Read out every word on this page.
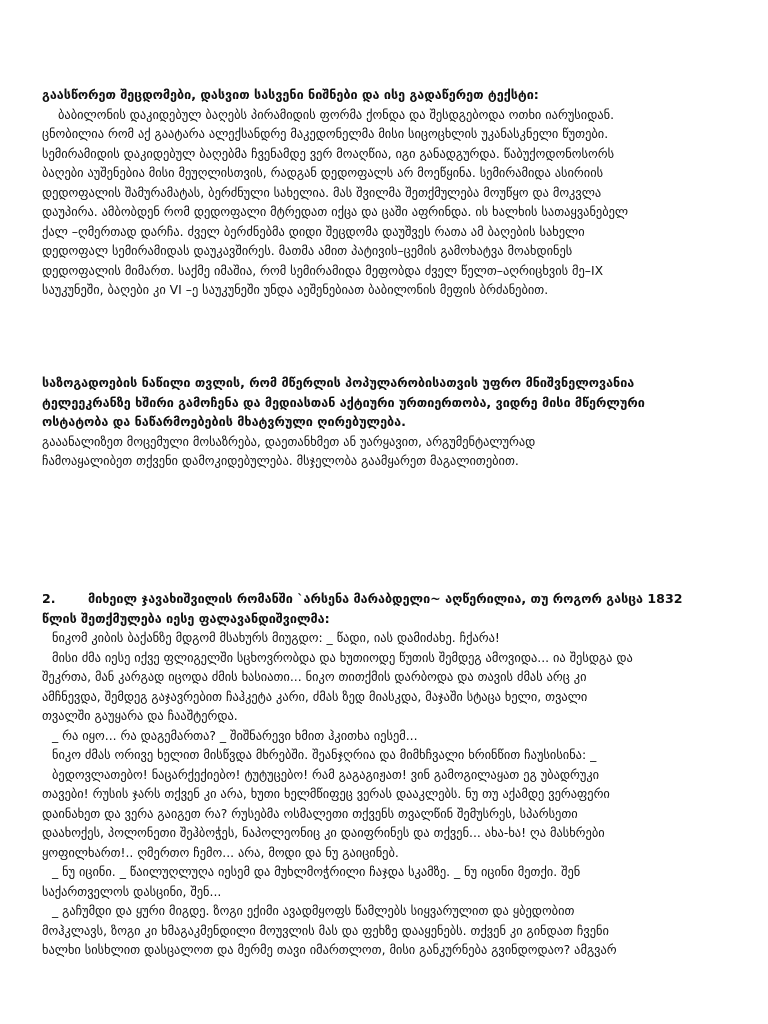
გაასწორეთ შეცდომები, დასვით სასვენი ნიშნები და ისე გადაწერეთ ტექსტი:
ბაბილონის დაკიდებულ ბაღებს პირამიდის ფორმა ქონდა და შესდგებოდა ოთხი იარუსიდან.
ცნობილია რომ აქ გაატარა ალექსანდრე მაკედონელმა მისი სიცოცხლის უკანასკნელი წუთები.
სემირამიდის დაკიდებულ ბაღებმა ჩვენამდე ვერ მოაღწია, იგი განადგურდა. წაბუქოდონოსორს
ბაღები აუშენებია მისი მეუღლისთვის, რადგან დედოფალს არ მოეწყინა. სემირამიდა ასირიის
დედოფალის შამურამატას, ბერძნული სახელია. მას შვილმა შეთქმულება მოუწყო და მოკვლა
დაუპირა. ამბობდენ რომ დედოფალი მტრედათ იქცა და ცაში აფრინდა. ის ხალხის სათაყვანებელ
ქალ –ღმერთად დარჩა. ძველ ბერძნებმა დიდი შეცდომა დაუშვეს რათა ამ ბაღების სახელი
დედოფალ სემირამიდას დაუკავშირეს. მათმა ამით პატივის–ცემის გამოხატვა მოახდინეს
დედოფალის მიმართ. საქმე იმაშია, რომ სემირამიდა მეფობდა ძველ წელთ–აღრიცხვის მე–IX
საუკუნეში, ბაღები კი VI –ე საუკუნეში უნდა აეშენებიათ ბაბილონის მეფის ბრძანებით.
საზოგადოების ნაწილი თვლის, რომ მწერლის პოპულარობისათვის უფრო მნიშვნელოვანია
ტელეეკრანზე ხშირი გამოჩენა და მედიასთან აქტიური ურთიერთობა, ვიდრე მისი მწერლური
ოსტატობა და ნაწარმოებების მხატვრული ღირებულება.
გააანალიზეთ მოცემული მოსაზრება, დაეთანხმეთ ან უარყავით, არგუმენტალურად
ჩამოაყალიბეთ თქვენი დამოკიდებულება. მსჯელობა გაამყარეთ მაგალითებით.
2.	მიხეილ ჯავახიშვილის რომანში `არსენა მარაბდელი~ აღწერილია, თუ როგორ გასცა 1832
წლის შეთქმულება იესე ფალავანდიშვილმა:
ნიკომ კიბის ბაქანზე მდგომ მსახურს მიუგდო: _ წადი, იას დამიძახე. ჩქარა!
მისი ძმა იესე იქვე ფლიგელში სცხოვრობდა და ხუთიოდე წუთის შემდეგ ამოვიდა... ია შესდგა და
შეკრთა, მან კარგად იცოდა ძმის ხასიათი... ნიკო თითქმის დარბოდა და თავის ძმას არც კი
ამჩნევდა, შემდეგ გაჯავრებით ჩაჰკეტა კარი, ძმას ზედ მიასკდა, მაჯაში სტაცა ხელი, თვალი
თვალში გაუყარა და ჩააშტერდა.
_ რა იყო... რა დაგემართა? _ შიშნარევი ხმით ჰკითხა იესემ...
ნიკო ძმას ორივე ხელით მისწვდა მხრებში. შეანჯღრია და მიმხჩვალი ხრინწით ჩაუსისინა: _
ბედოვლათებო! ნაცარქექიებო! ტუტუცებო! რამ გაგაგიჟათ! ვინ გამოგილაყათ ეგ უბადრუკი
თავები! რუსის ჯარს თქვენ კი არა, ხუთი ხელმწიფეც ვერას დააკლებს. ნუ თუ აქამდე ვერაფერი
დაინახეთ და ვერა გაიგეთ რა? რუსებმა ოსმალეთი თქვენს თვალწინ შემუსრეს, სპარსეთი
დაახოქეს, პოლონეთი შეჰბოჭეს, ნაპოლეონიც კი დაიფრინეს და თქვენ... ახა-ხა! ღა მასხრები
ყოფილხართ!.. ღმერთო ჩემო... არა, მოდი და ნუ გაიცინებ.
_ ნუ იცინი. _ წაილუღლუღა იესემ და მუხლმოჭრილი ჩაჯდა სკამზე. _ ნუ იცინი მეთქი. შენ
საქართველოს დასცინი, შენ...
_ გაჩუმდი და ყური მიგდე. ზოგი ექიმი ავადმყოფს წამლებს სიყვარულით და ყბედობით
მოჰკლავს, ზოგი კი ხმაგაკმენდილი მოუვლის მას და ფეხზე დააყენებს. თქვენ კი გინდათ ჩვენი
ხალხი სისხლით დასცალოთ და მერმე თავი იმართლოთ, მისი განკურნება გვინდოდაო? ამგვარ
